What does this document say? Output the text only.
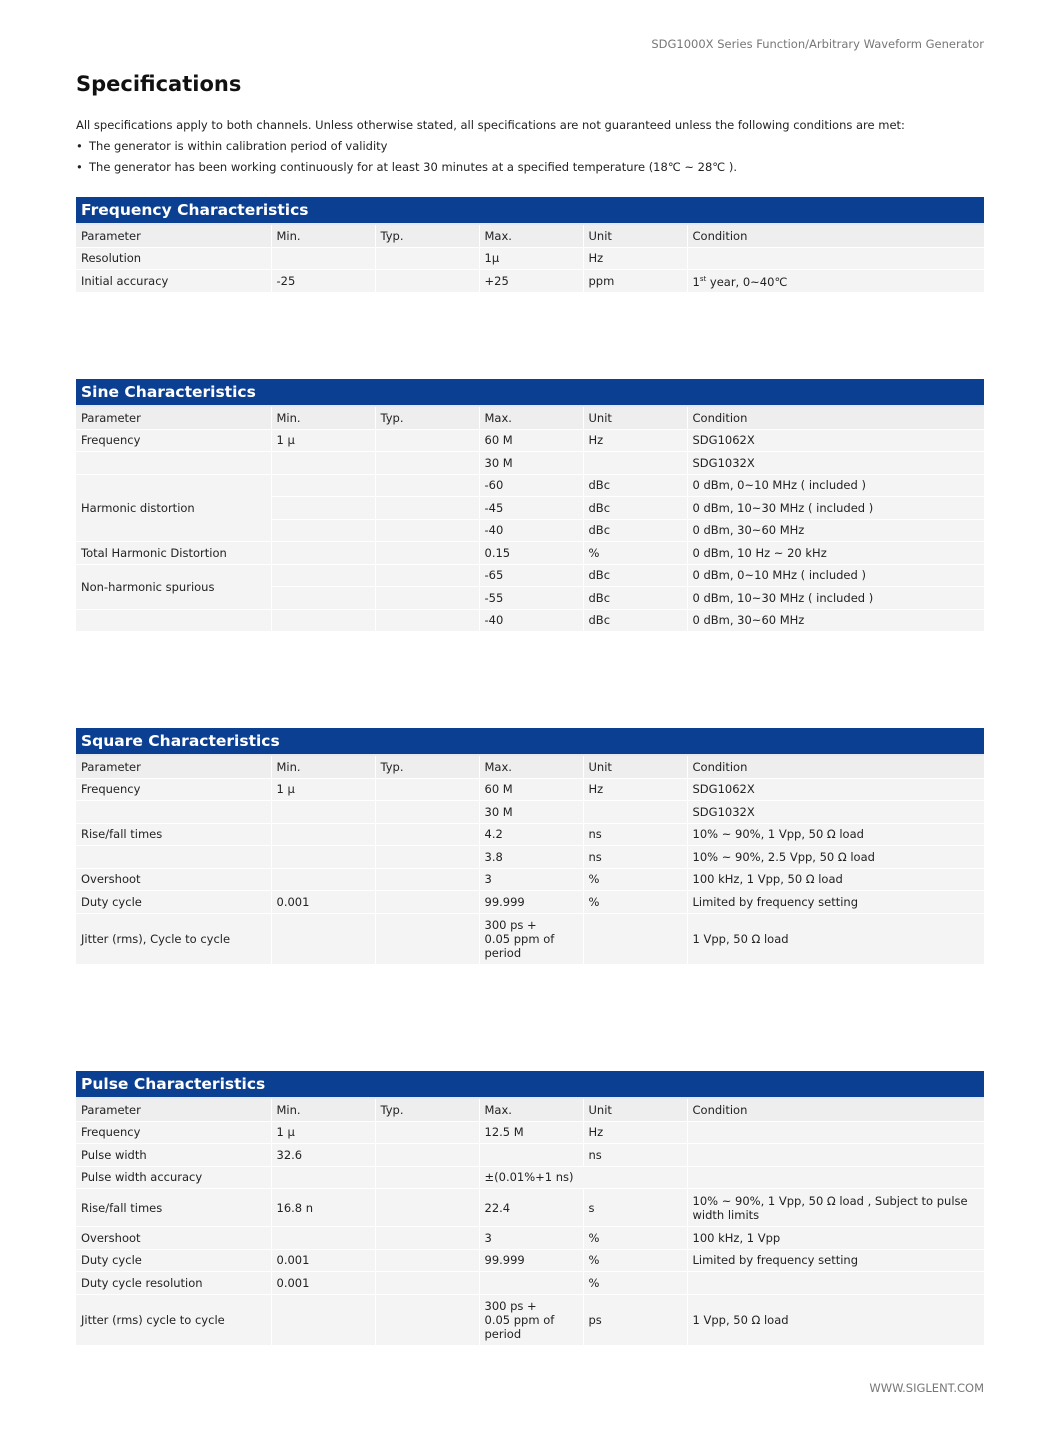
SDG1000X Series Function/Arbitrary Waveform Generator
Specifications

All specifications apply to both channels. Unless otherwise stated, all specifications are not guaranteed unless the following conditions are met:

• The generator is within calibration period of validity
• The generator has been working continuously for at least 30 minutes at a specified temperature (18℃ ~ 28℃ ).
Frequency Characteristics
Parameter	Min.	Typ.	Max.	Unit	Condition
Resolution			1μ	Hz	
Initial accuracy	-25		+25	ppm	1st year, 0~40℃
Sine Characteristics
Parameter	Min.	Typ.	Max.	Unit	Condition
Frequency	1 μ		60 M	Hz	SDG1062X
			30 M		SDG1032X
Harmonic distortion			-60	dBc	0 dBm, 0~10 MHz ( included )
			-45	dBc	0 dBm, 10~30 MHz ( included )
			-40	dBc	0 dBm, 30~60 MHz
Total Harmonic Distortion			0.15	%	0 dBm, 10 Hz ~ 20 kHz
Non-harmonic spurious			-65	dBc	0 dBm, 0~10 MHz ( included )
			-55	dBc	0 dBm, 10~30 MHz ( included )
			-40	dBc	0 dBm, 30~60 MHz
Square Characteristics
Parameter	Min.	Typ.	Max.	Unit	Condition
Frequency	1 μ		60 M	Hz	SDG1062X
			30 M		SDG1032X
Rise/fall times			4.2	ns	10% ~ 90%, 1 Vpp, 50 Ω load
			3.8	ns	10% ~ 90%, 2.5 Vpp, 50 Ω load
Overshoot			3	%	100 kHz, 1 Vpp, 50 Ω load
Duty cycle	0.001		99.999	%	Limited by frequency setting
Jitter (rms), Cycle to cycle			300 ps +
0.05 ppm of
period		1 Vpp, 50 Ω load
Pulse Characteristics
Parameter	Min.	Typ.	Max.	Unit	Condition
Frequency	1 μ		12.5 M	Hz	
Pulse width	32.6			ns	
Pulse width accuracy			±(0.01%+1 ns)		
Rise/fall times	16.8 n		22.4	s	10% ~ 90%, 1 Vpp, 50 Ω load , Subject to pulse width limits
Overshoot			3	%	100 kHz, 1 Vpp
Duty cycle	0.001		99.999	%	Limited by frequency setting
Duty cycle resolution	0.001			%	
Jitter (rms) cycle to cycle			300 ps +
0.05 ppm of
period	ps	1 Vpp, 50 Ω load
WWW.SIGLENT.COM
